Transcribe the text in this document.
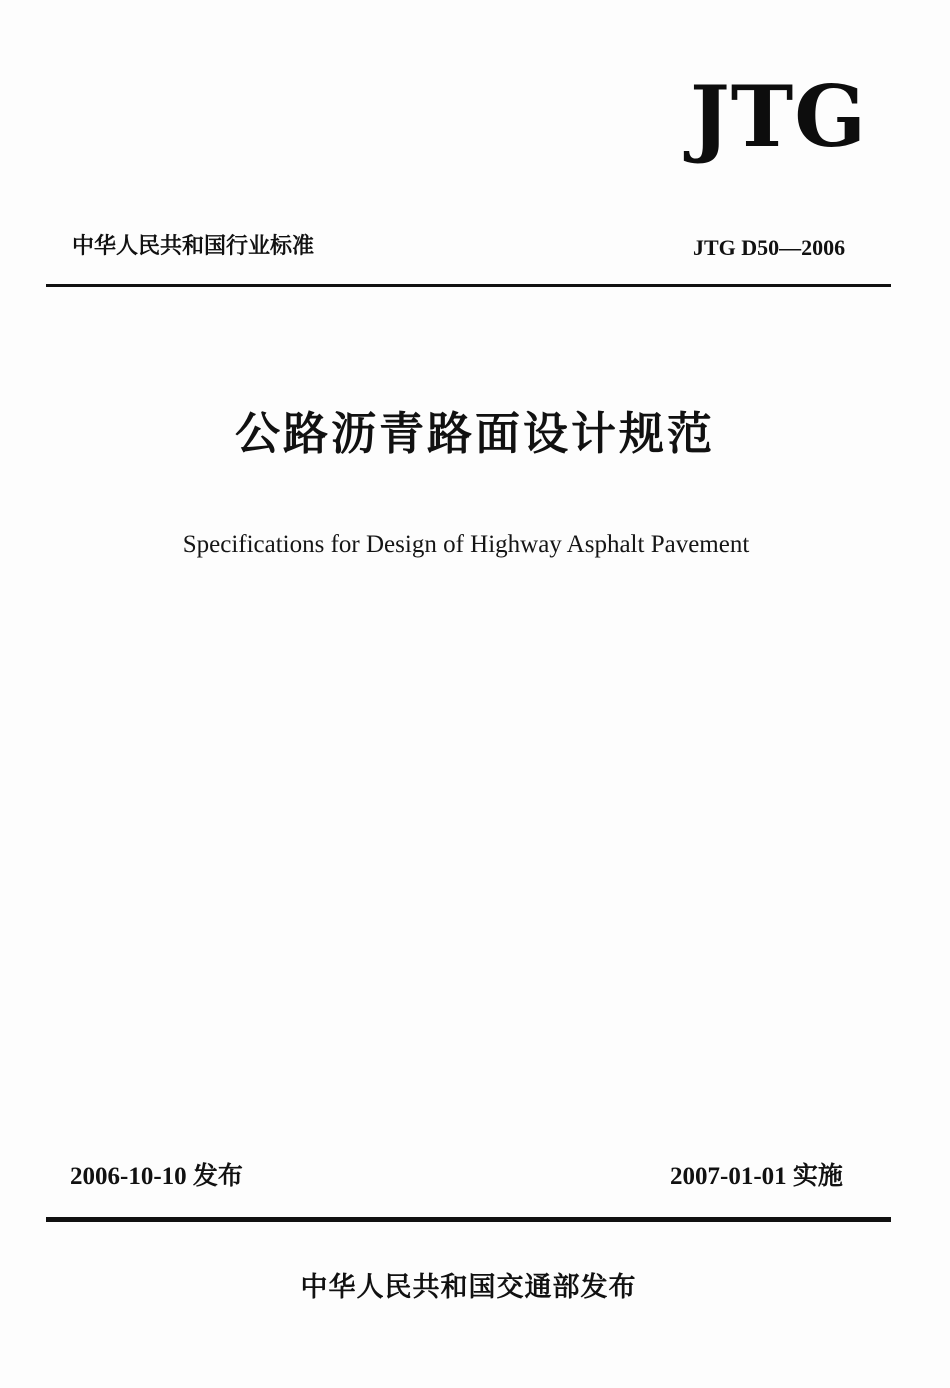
JTG
中华人民共和国行业标准	JTG D50—2006
公路沥青路面设计规范
Specifications for Design of Highway Asphalt Pavement
2006-10-10 发布	2007-01-01 实施
中华人民共和国交通部发布
